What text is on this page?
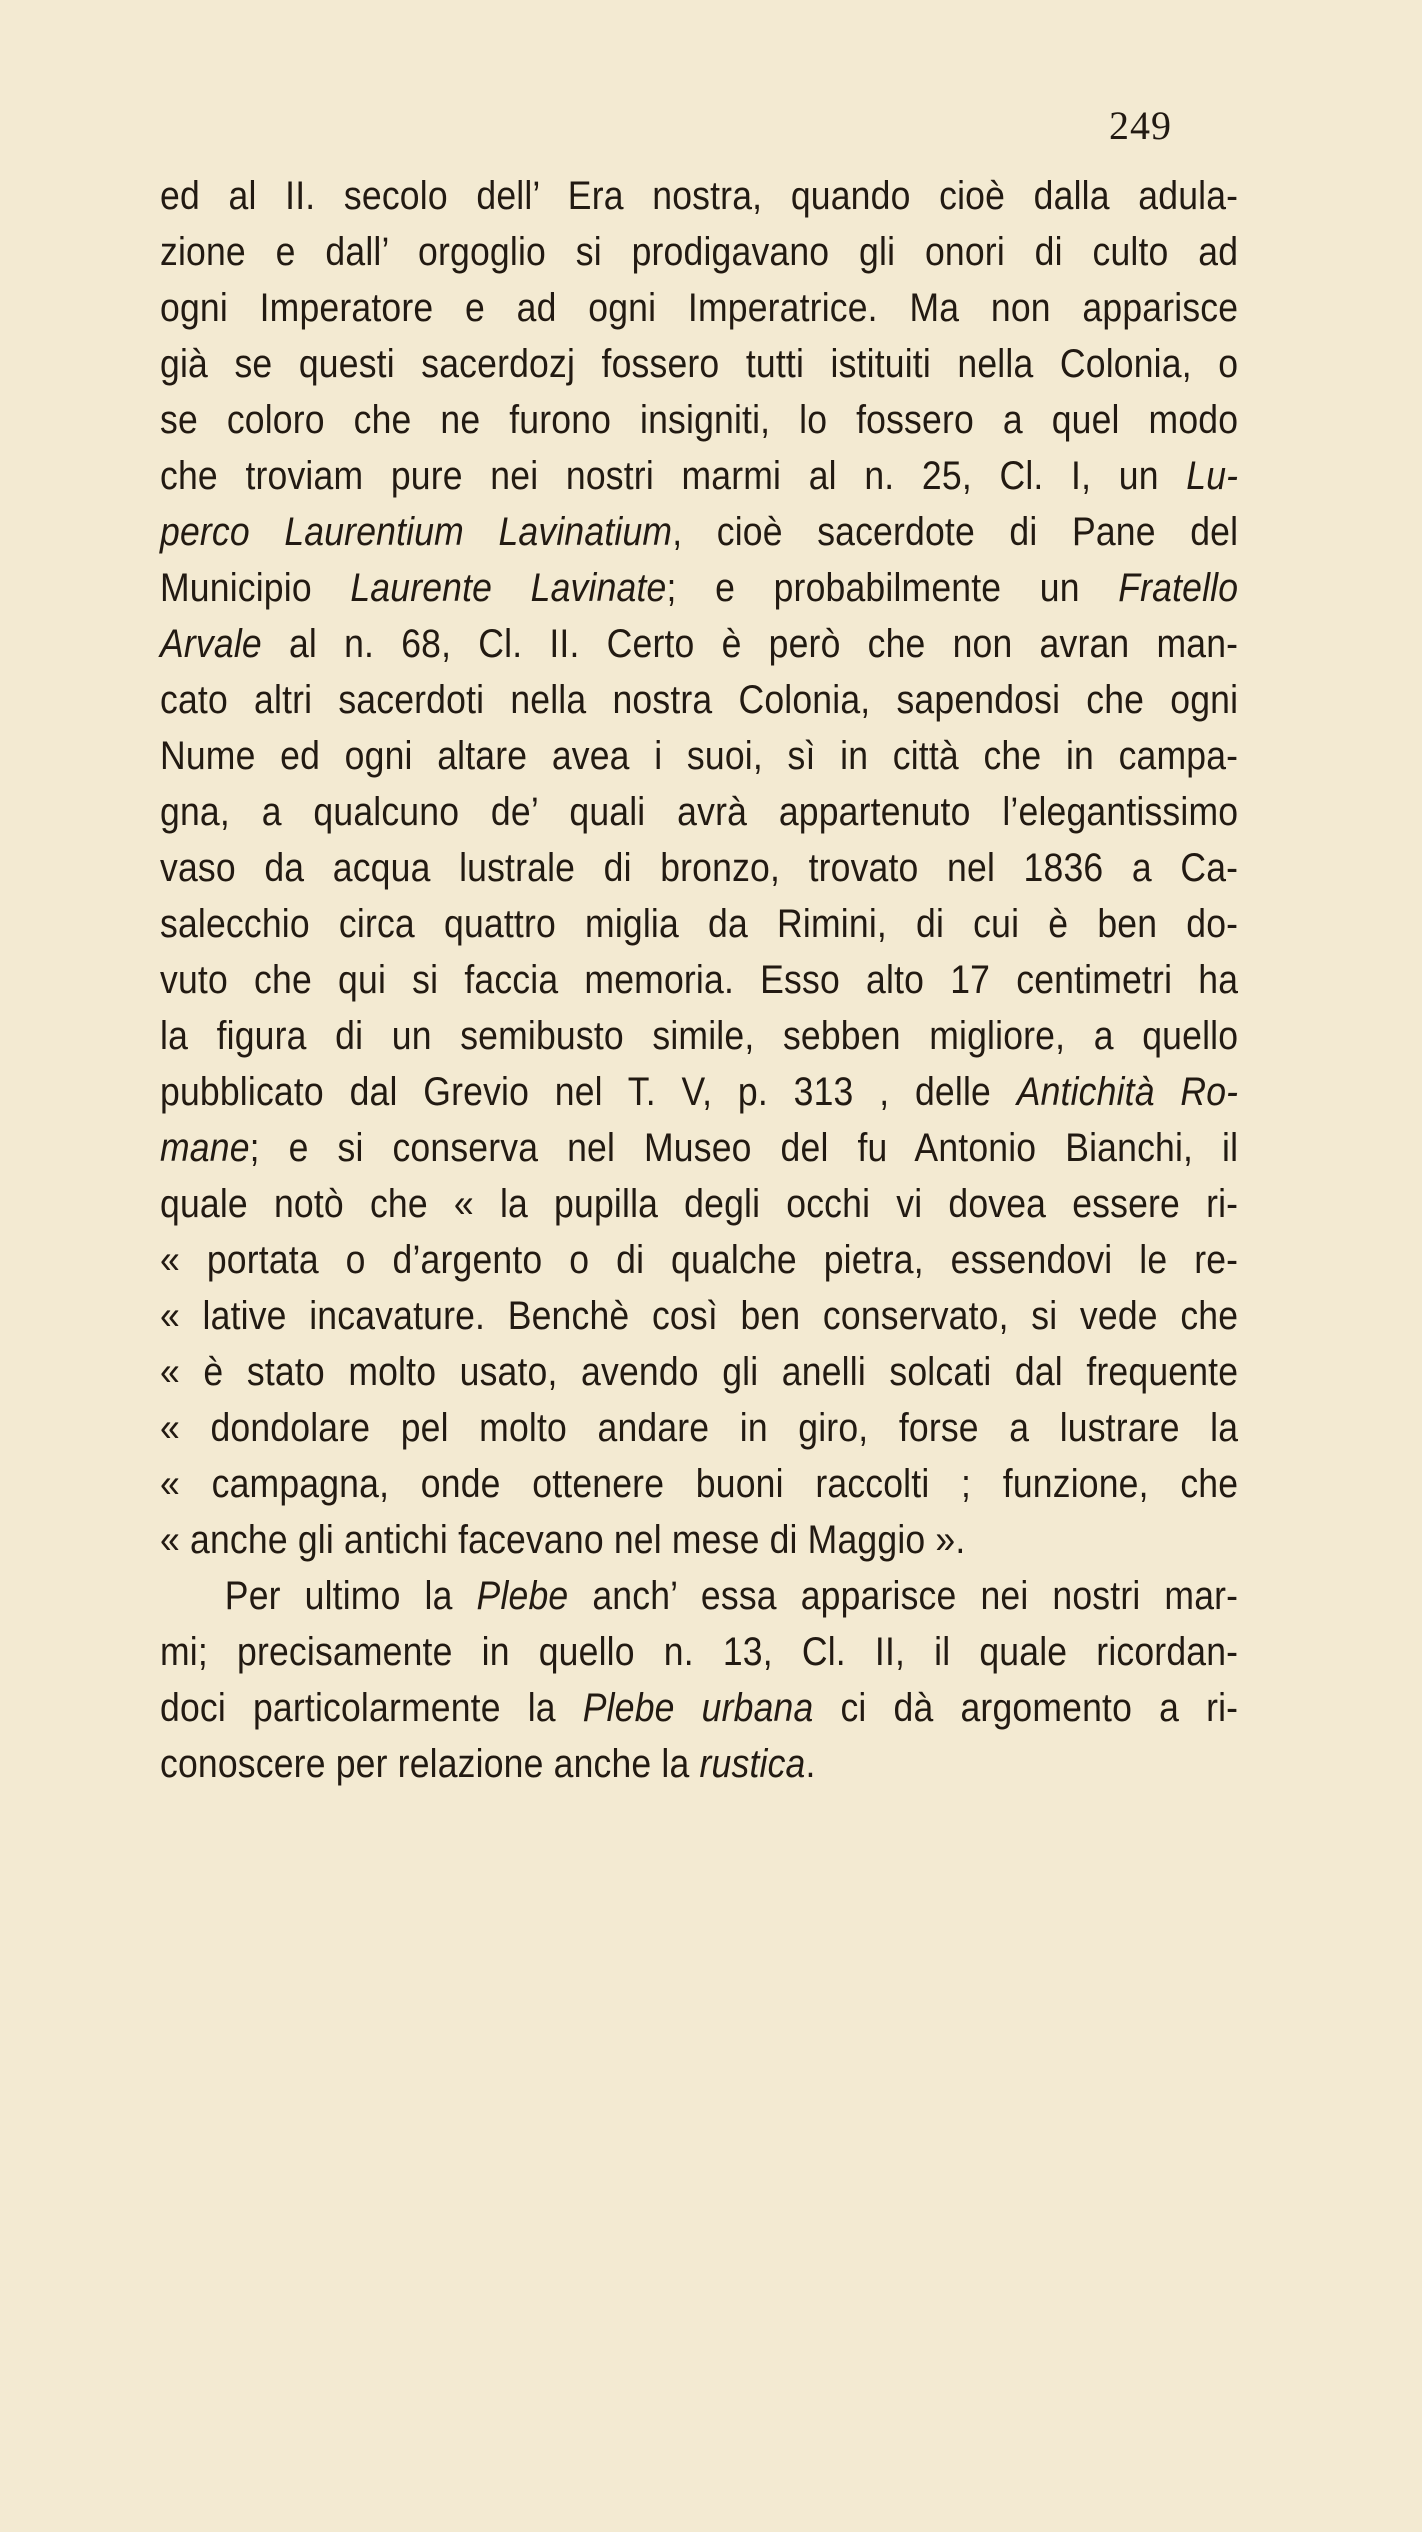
249
ed al II. secolo dell’ Era nostra, quando cioè dalla adula-
zione e dall’ orgoglio si prodigavano gli onori di culto ad
ogni Imperatore e ad ogni Imperatrice. Ma non apparisce
già se questi sacerdozj fossero tutti istituiti nella Colonia, o
se coloro che ne furono insigniti, lo fossero a quel modo
che troviam pure nei nostri marmi al n. 25, Cl. I, un Lu-
perco Laurentium Lavinatium, cioè sacerdote di Pane del
Municipio Laurente Lavinate; e probabilmente un Fratello
Arvale al n. 68, Cl. II. Certo è però che non avran man-
cato altri sacerdoti nella nostra Colonia, sapendosi che ogni
Nume ed ogni altare avea i suoi, sì in città che in campa-
gna, a qualcuno de’ quali avrà appartenuto l’elegantissimo
vaso da acqua lustrale di bronzo, trovato nel 1836 a Ca-
salecchio circa quattro miglia da Rimini, di cui è ben do-
vuto che qui si faccia memoria. Esso alto 17 centimetri ha
la figura di un semibusto simile, sebben migliore, a quello
pubblicato dal Grevio nel T. V, p. 313 , delle Antichità Ro-
mane; e si conserva nel Museo del fu Antonio Bianchi, il
quale notò che « la pupilla degli occhi vi dovea essere ri-
« portata o d’argento o di qualche pietra, essendovi le re-
« lative incavature. Benchè così ben conservato, si vede che
« è stato molto usato, avendo gli anelli solcati dal frequente
« dondolare pel molto andare in giro, forse a lustrare la
« campagna, onde ottenere buoni raccolti ; funzione, che
« anche gli antichi facevano nel mese di Maggio ».
Per ultimo la Plebe anch’ essa apparisce nei nostri mar-
mi; precisamente in quello n. 13, Cl. II, il quale ricordan-
doci particolarmente la Plebe urbana ci dà argomento a ri-
conoscere per relazione anche la rustica.
